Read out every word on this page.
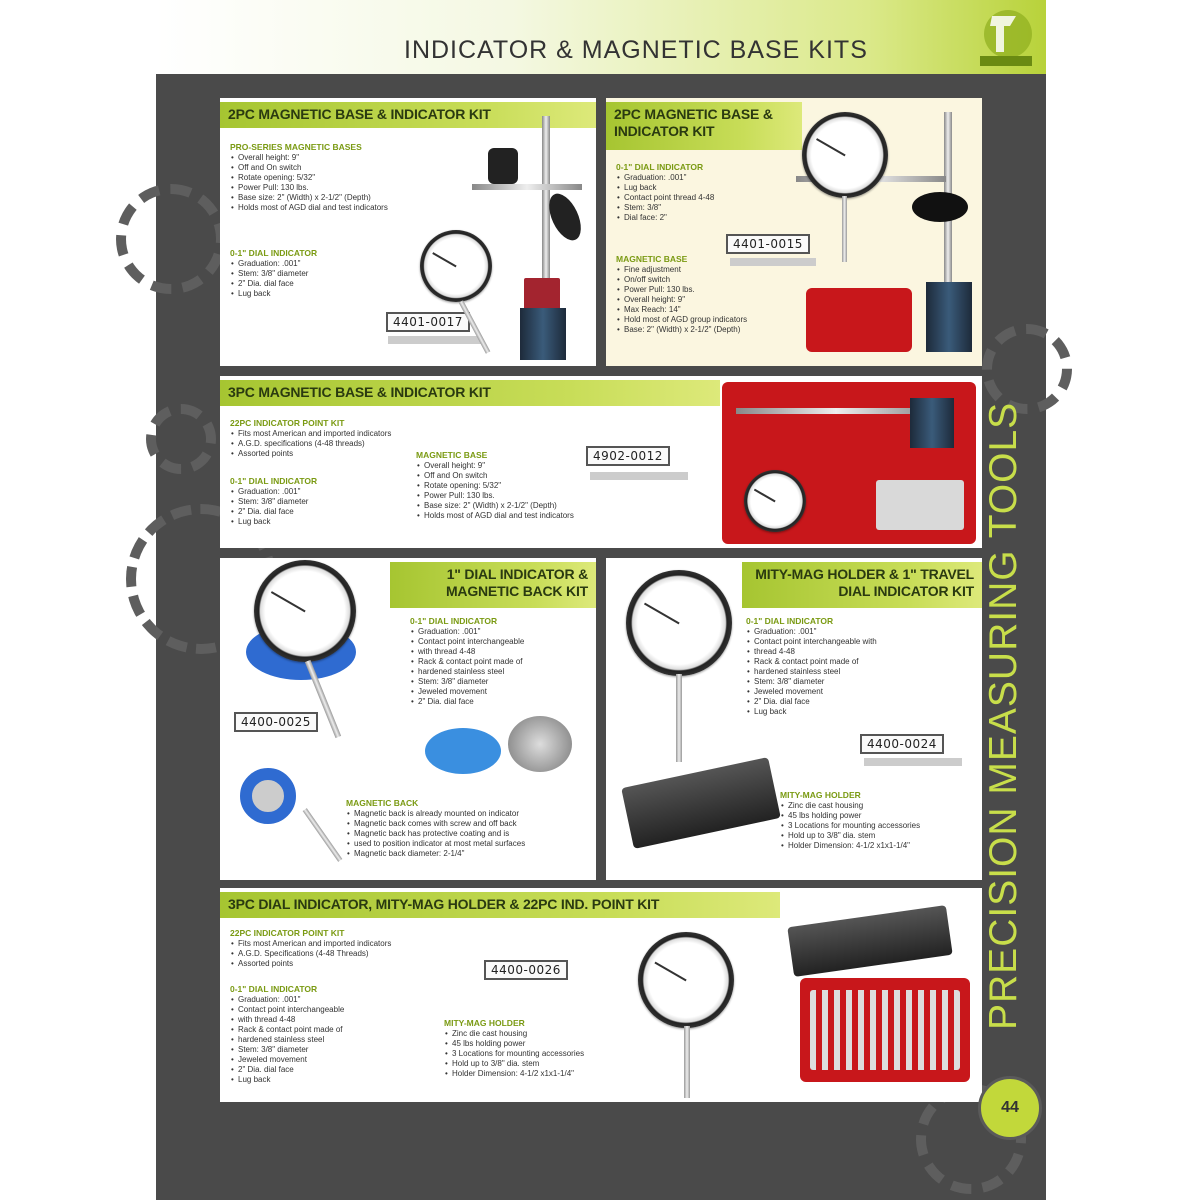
INDICATOR & MAGNETIC BASE KITS
2PC MAGNETIC BASE & INDICATOR KIT
PRO-SERIES MAGNETIC BASES
• Overall height: 9"
• Off and On switch
• Rotate opening: 5/32"
• Power Pull: 130 lbs.
• Base size: 2" (Width) x 2-1/2" (Depth)
• Holds most of AGD dial and test indicators
0-1" DIAL INDICATOR
• Graduation: .001"
• Stem: 3/8" diameter
• 2" Dia. dial face
• Lug back
4401-0017
2PC MAGNETIC BASE & INDICATOR KIT
0-1" DIAL INDICATOR
• Graduation: .001"
• Lug back
• Contact point thread 4-48
• Stem: 3/8"
• Dial face: 2"
MAGNETIC BASE
• Fine adjustment
• On/off switch
• Power Pull: 130 lbs.
• Overall height: 9"
• Max Reach: 14"
• Hold most of AGD group indicators
• Base: 2" (Width) x 2-1/2" (Depth)
4401-0015
3PC MAGNETIC BASE & INDICATOR KIT
22PC INDICATOR POINT KIT
• Fits most American and imported indicators
• A.G.D. specifications (4-48 threads)
• Assorted points
0-1" DIAL INDICATOR
• Graduation: .001"
• Stem: 3/8" diameter
• 2" Dia. dial face
• Lug back
MAGNETIC BASE
• Overall height: 9"
• Off and On switch
• Rotate opening: 5/32"
• Power Pull: 130 lbs.
• Base size: 2" (Width) x 2-1/2" (Depth)
• Holds most of AGD dial and test indicators
4902-0012
1" DIAL INDICATOR & MAGNETIC BACK KIT
0-1" DIAL INDICATOR
• Graduation: .001"
• Contact point interchangeable
• with thread 4-48
• Rack & contact point made of
• hardened stainless steel
• Stem: 3/8" diameter
• Jeweled movement
• 2" Dia. dial face
MAGNETIC BACK
• Magnetic back is already mounted on indicator
• Magnetic back comes with screw and off back
• Magnetic back has protective coating and is
• used to position indicator at most metal surfaces
• Magnetic back diameter: 2-1/4"
4400-0025
MITY-MAG HOLDER & 1" TRAVEL DIAL INDICATOR KIT
0-1" DIAL INDICATOR
• Graduation: .001"
• Contact point interchangeable with
• thread 4-48
• Rack & contact point made of
• hardened stainless steel
• Stem: 3/8" diameter
• Jeweled movement
• 2" Dia. dial face
• Lug back
MITY-MAG HOLDER
• Zinc die cast housing
• 45 lbs holding power
• 3 Locations for mounting accessories
• Hold up to 3/8" dia. stem
• Holder Dimension: 4-1/2 x1x1-1/4"
4400-0024
3PC DIAL INDICATOR, MITY-MAG HOLDER & 22PC IND. POINT KIT
22PC INDICATOR POINT KIT
• Fits most American and imported indicators
• A.G.D. Specifications (4-48 Threads)
• Assorted points
0-1" DIAL INDICATOR
• Graduation: .001"
• Contact point interchangeable
• with thread 4-48
• Rack & contact point made of
• hardened stainless steel
• Stem: 3/8" diameter
• Jeweled movement
• 2" Dia. dial face
• Lug back
MITY-MAG HOLDER
• Zinc die cast housing
• 45 lbs holding power
• 3 Locations for mounting accessories
• Hold up to 3/8" dia. stem
• Holder Dimension: 4-1/2 x1x1-1/4"
4400-0026	PRECISION MEASURING TOOLS
44
